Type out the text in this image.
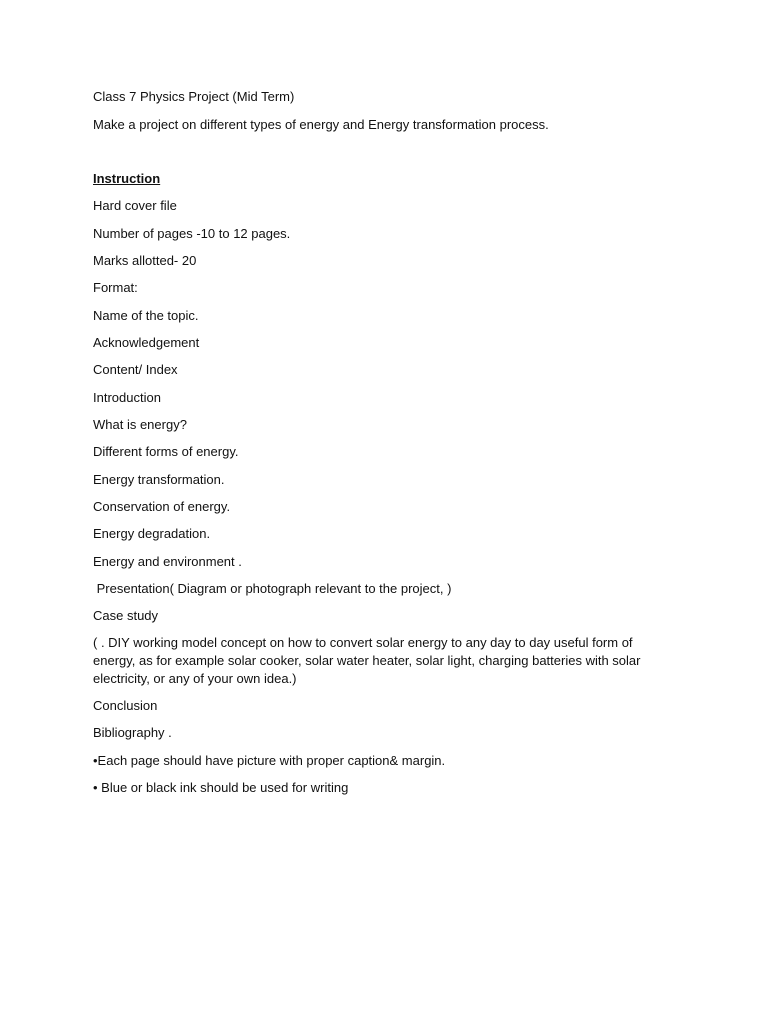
Class 7 Physics Project (Mid Term)
Make a project on different types of energy and Energy transformation process.
Instruction
Hard cover file
Number of pages -10 to 12 pages.
Marks allotted- 20
Format:
Name of the topic.
Acknowledgement
Content/ Index
Introduction
What is energy?
Different forms of energy.
Energy transformation.
Conservation of energy.
Energy degradation.
Energy and environment .
Presentation( Diagram or photograph relevant to the project, )
Case study
( . DIY working model concept on how to convert solar energy to any day to day useful form of energy, as for example solar cooker, solar water heater, solar light, charging batteries with solar electricity, or any of your own idea.)
Conclusion
Bibliography .
•Each page should have picture with proper caption& margin.
• Blue or black ink should be used for writing
